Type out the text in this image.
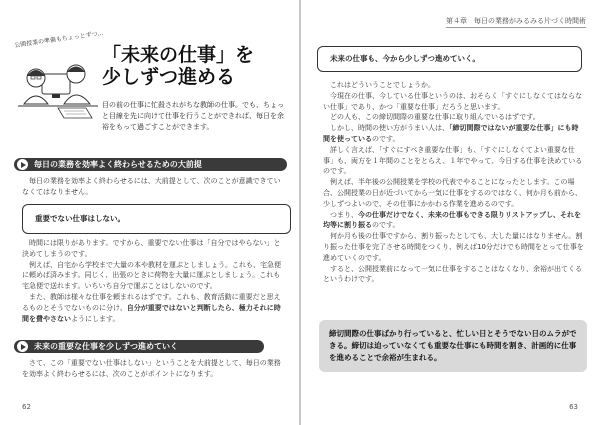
公開授業の準備もちょっとずつ…
「未来の仕事」を
少しずつ進める
目の前の仕事に忙殺されがちな教師の仕事。でも、ちょっと目線を先に向けて仕事を行うことができれば、毎日を余裕をもって過ごすことができます。
毎日の業務を効率よく終わらせるための大前提

毎日の業務を効率よく終わらせるには、大前提として、次のことが意識できていなくてはなりません。

重要でない仕事はしない。

時間には限りがあります。ですから、重要でない仕事は「自分ではやらない」と決めてしまうのです。

例えば、自宅から学校まで大量の本や教材を運ぶとしましょう。これも、宅急便に頼めば済みます。同じく、出張のときに荷物を大量に運ぶとしましょう。これも宅急便で送れます。いちいち自分で運ぶことはしないのです。

また、教師は様々な仕事を頼まれるはずです。これも、教育活動に重要だと思えるものとそうでないものに分け、自分が重要ではないと判断したら、極力それに時間を費やさないようにします。

未来の重要な仕事を少しずつ進めていく

さて、この「重要でない仕事はしない」ということを大前提として、毎日の業務を効率よく終わらせるには、次のことがポイントになります。

62
第４章　毎日の業務がみるみる片づく時間術
未来の仕事も、今から少しずつ進めていく。

これはどういうことでしょうか。

今現在の仕事、今している仕事というのは、おそらく「すぐにしなくてはならない仕事」であり、かつ「重要な仕事」だろうと思います。

どの人も、この締切間際の重要な仕事に取り組んでいるはずです。

しかし、時間の使い方がうまい人は、「締切間際ではないが重要な仕事」にも時間を使っているのです。

詳しく言えば、「すぐにすべき重要な仕事」も、「すぐにしなくてよい重要な仕事」も、両方を１年間のことをとらえ、１年でやって、今日する仕事を決めているのです。

例えば、半年後の公開授業を学校の代表でやることになったとします。この場合、公開授業の日が近づいてから一気に仕事をするのではなく、何か月も前から、少しずつよいので、その仕事にかかわる作業を進めるのです。

つまり、今の仕事だけでなく、未来の仕事もできる限りリストアップし、それを均等に割り振るのです。

何か月も後の仕事ですから、割り振ったとしても、大した量にはなりません。割り振った仕事を完了させる時間をつくり、例えば10分だけでも時間をとって仕事を進めていくのです。

すると、公開授業前になって一気に仕事をすることはなくなり、余裕が出てくるというわけです。

締切間際の仕事ばかり行っていると、忙しい日とそうでない日のムラができる。締切は迫っていなくても重要な仕事にも時間を割き、計画的に仕事を進めることで余裕が生まれる。
63
